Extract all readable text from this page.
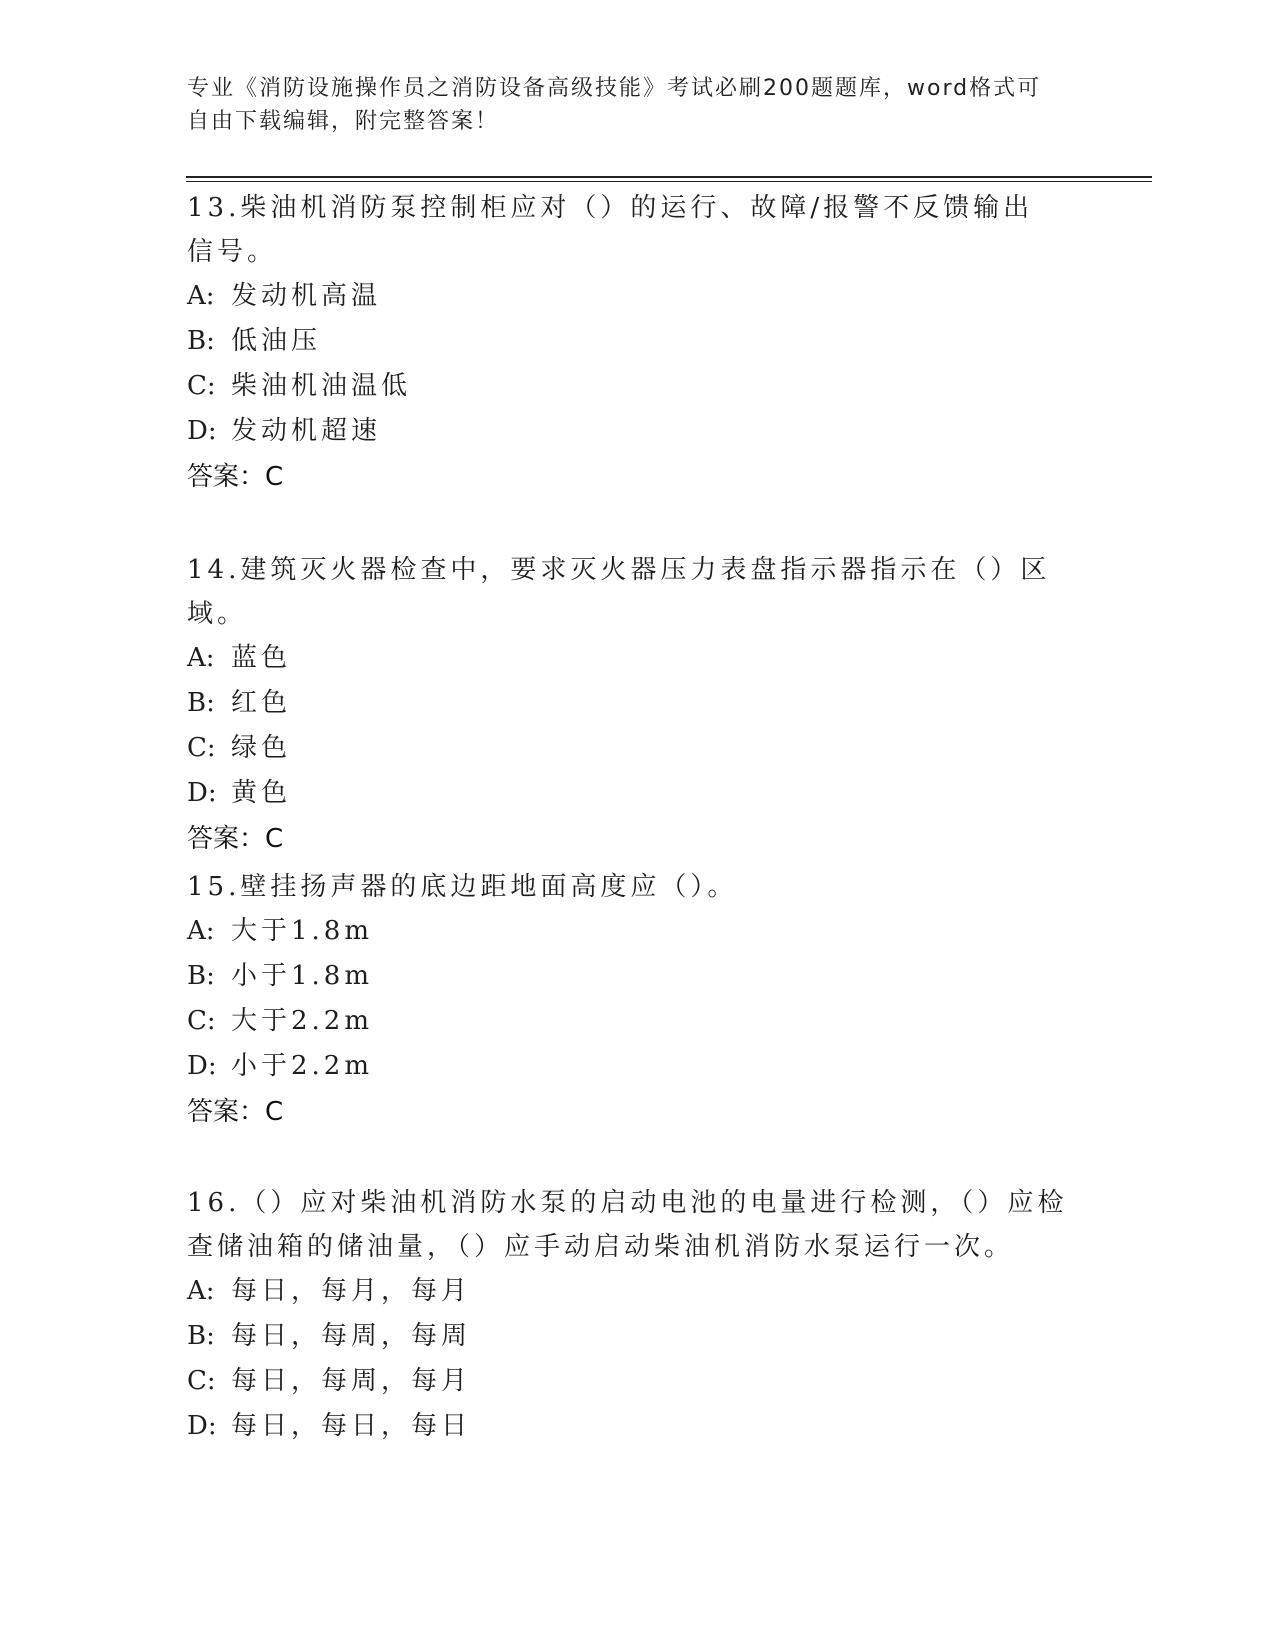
专业《消防设施操作员之消防设备高级技能》考试必刷200题题库，word格式可
自由下载编辑，附完整答案！

13.柴油机消防泵控制柜应对（）的运行、故障/报警不反馈输出信号。

A: 发动机高温
B: 低油压
C: 柴油机油温低
D: 发动机超速
答案：C

14.建筑灭火器检查中，要求灭火器压力表盘指示器指示在（）区域。

A: 蓝色
B: 红色
C: 绿色
D: 黄色
答案：C

15.壁挂扬声器的底边距地面高度应（）。

A: 大于1.8m
B: 小于1.8m
C: 大于2.2m
D: 小于2.2m
答案：C

16.（）应对柴油机消防水泵的启动电池的电量进行检测，（）应检查储油箱的储油量，（）应手动启动柴油机消防水泵运行一次。

A: 每日，每月，每月
B: 每日，每周，每周
C: 每日，每周，每月
D: 每日，每日，每日
